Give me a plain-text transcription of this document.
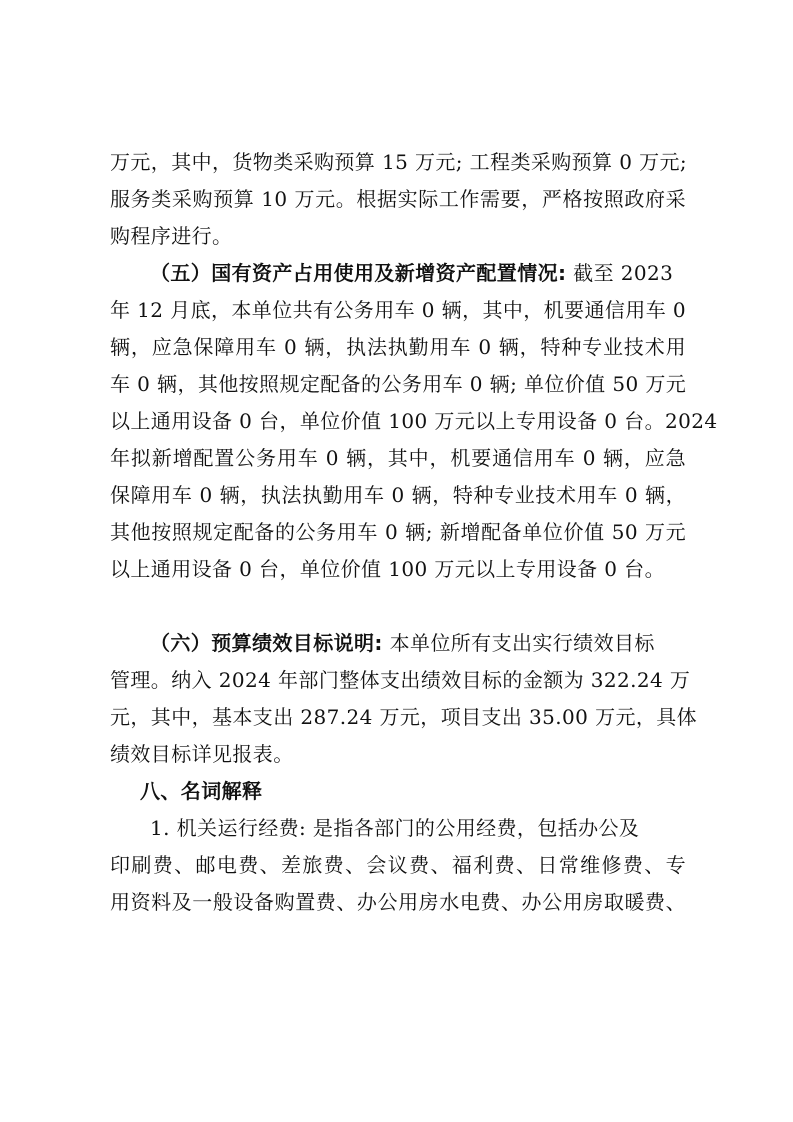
万元，其中，货物类采购预算 15 万元; 工程类采购预算 0 万元;
服务类采购预算 10 万元。根据实际工作需要，严格按照政府采
购程序进行。
（五）国有资产占用使用及新增资产配置情况: 截至 2023
年 12 月底，本单位共有公务用车 0 辆，其中，机要通信用车 0
辆，应急保障用车 0 辆，执法执勤用车 0 辆，特种专业技术用
车 0 辆，其他按照规定配备的公务用车 0 辆; 单位价值 50 万元
以上通用设备 0 台，单位价值 100 万元以上专用设备 0 台。2024
年拟新增配置公务用车 0 辆，其中，机要通信用车 0 辆，应急
保障用车 0 辆，执法执勤用车 0 辆，特种专业技术用车 0 辆，
其他按照规定配备的公务用车 0 辆; 新增配备单位价值 50 万元
以上通用设备 0 台，单位价值 100 万元以上专用设备 0 台。
（六）预算绩效目标说明: 本单位所有支出实行绩效目标
管理。纳入 2024 年部门整体支出绩效目标的金额为 322.24 万
元，其中，基本支出 287.24 万元，项目支出 35.00 万元，具体
绩效目标详见报表。
八、名词解释
1. 机关运行经费: 是指各部门的公用经费，包括办公及
印刷费、邮电费、差旅费、会议费、福利费、日常维修费、专
用资料及一般设备购置费、办公用房水电费、办公用房取暖费、
